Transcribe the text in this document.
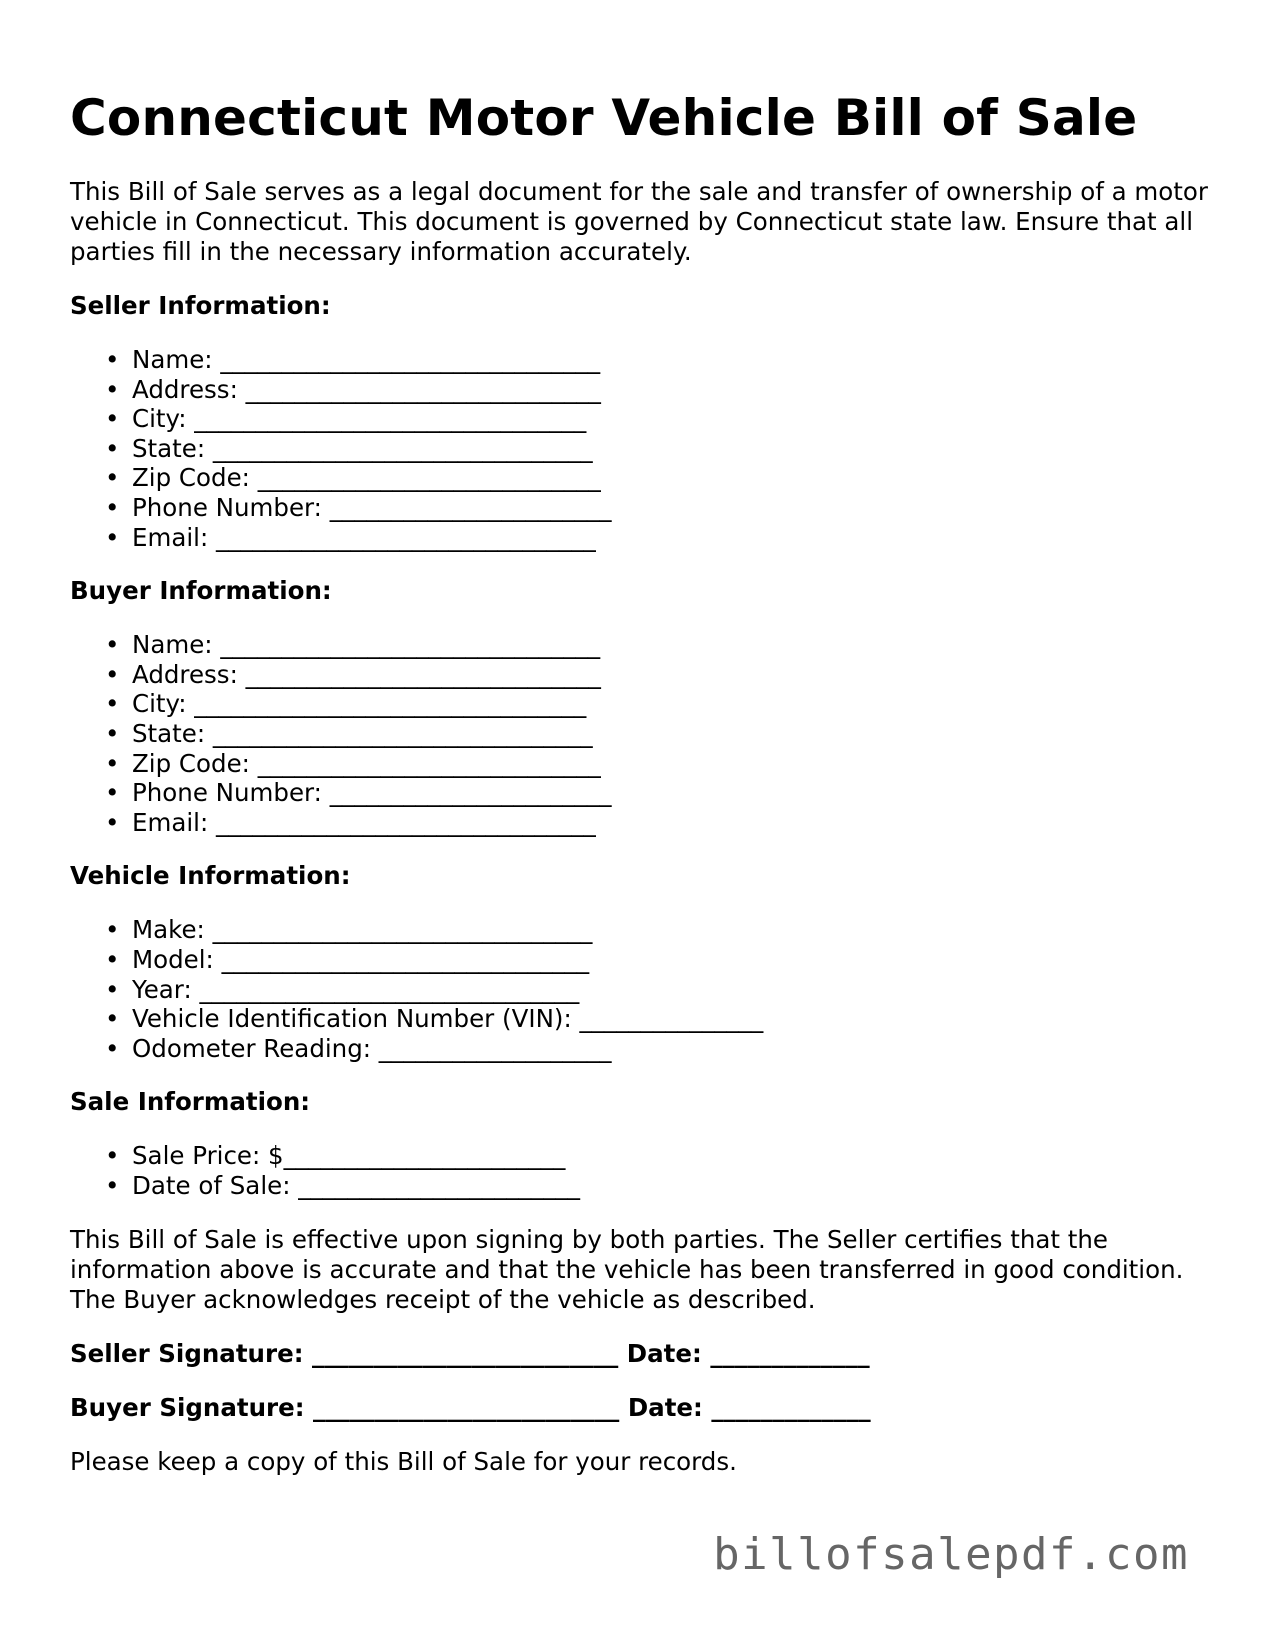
Connecticut Motor Vehicle Bill of Sale

This Bill of Sale serves as a legal document for the sale and transfer of ownership of a motor vehicle in Connecticut. This document is governed by Connecticut state law. Ensure that all parties fill in the necessary information accurately.

Seller Information:
• Name: _______________________________
• Address: _____________________________
• City: ________________________________
• State: _______________________________
• Zip Code: ____________________________
• Phone Number: _______________________
• Email: _______________________________
Buyer Information:
• Name: _______________________________
• Address: _____________________________
• City: ________________________________
• State: _______________________________
• Zip Code: ____________________________
• Phone Number: _______________________
• Email: _______________________________
Vehicle Information:
• Make: _______________________________
• Model: ______________________________
• Year: _______________________________
• Vehicle Identification Number (VIN): _______________
• Odometer Reading: ___________________
Sale Information:
• Sale Price: $_______________________
• Date of Sale: _______________________

This Bill of Sale is effective upon signing by both parties. The Seller certifies that the information above is accurate and that the vehicle has been transferred in good condition. The Buyer acknowledges receipt of the vehicle as described.

Seller Signature: _________________________ Date: _____________

Buyer Signature: _________________________ Date: _____________

Please keep a copy of this Bill of Sale for your records.

billofsalepdf.com
